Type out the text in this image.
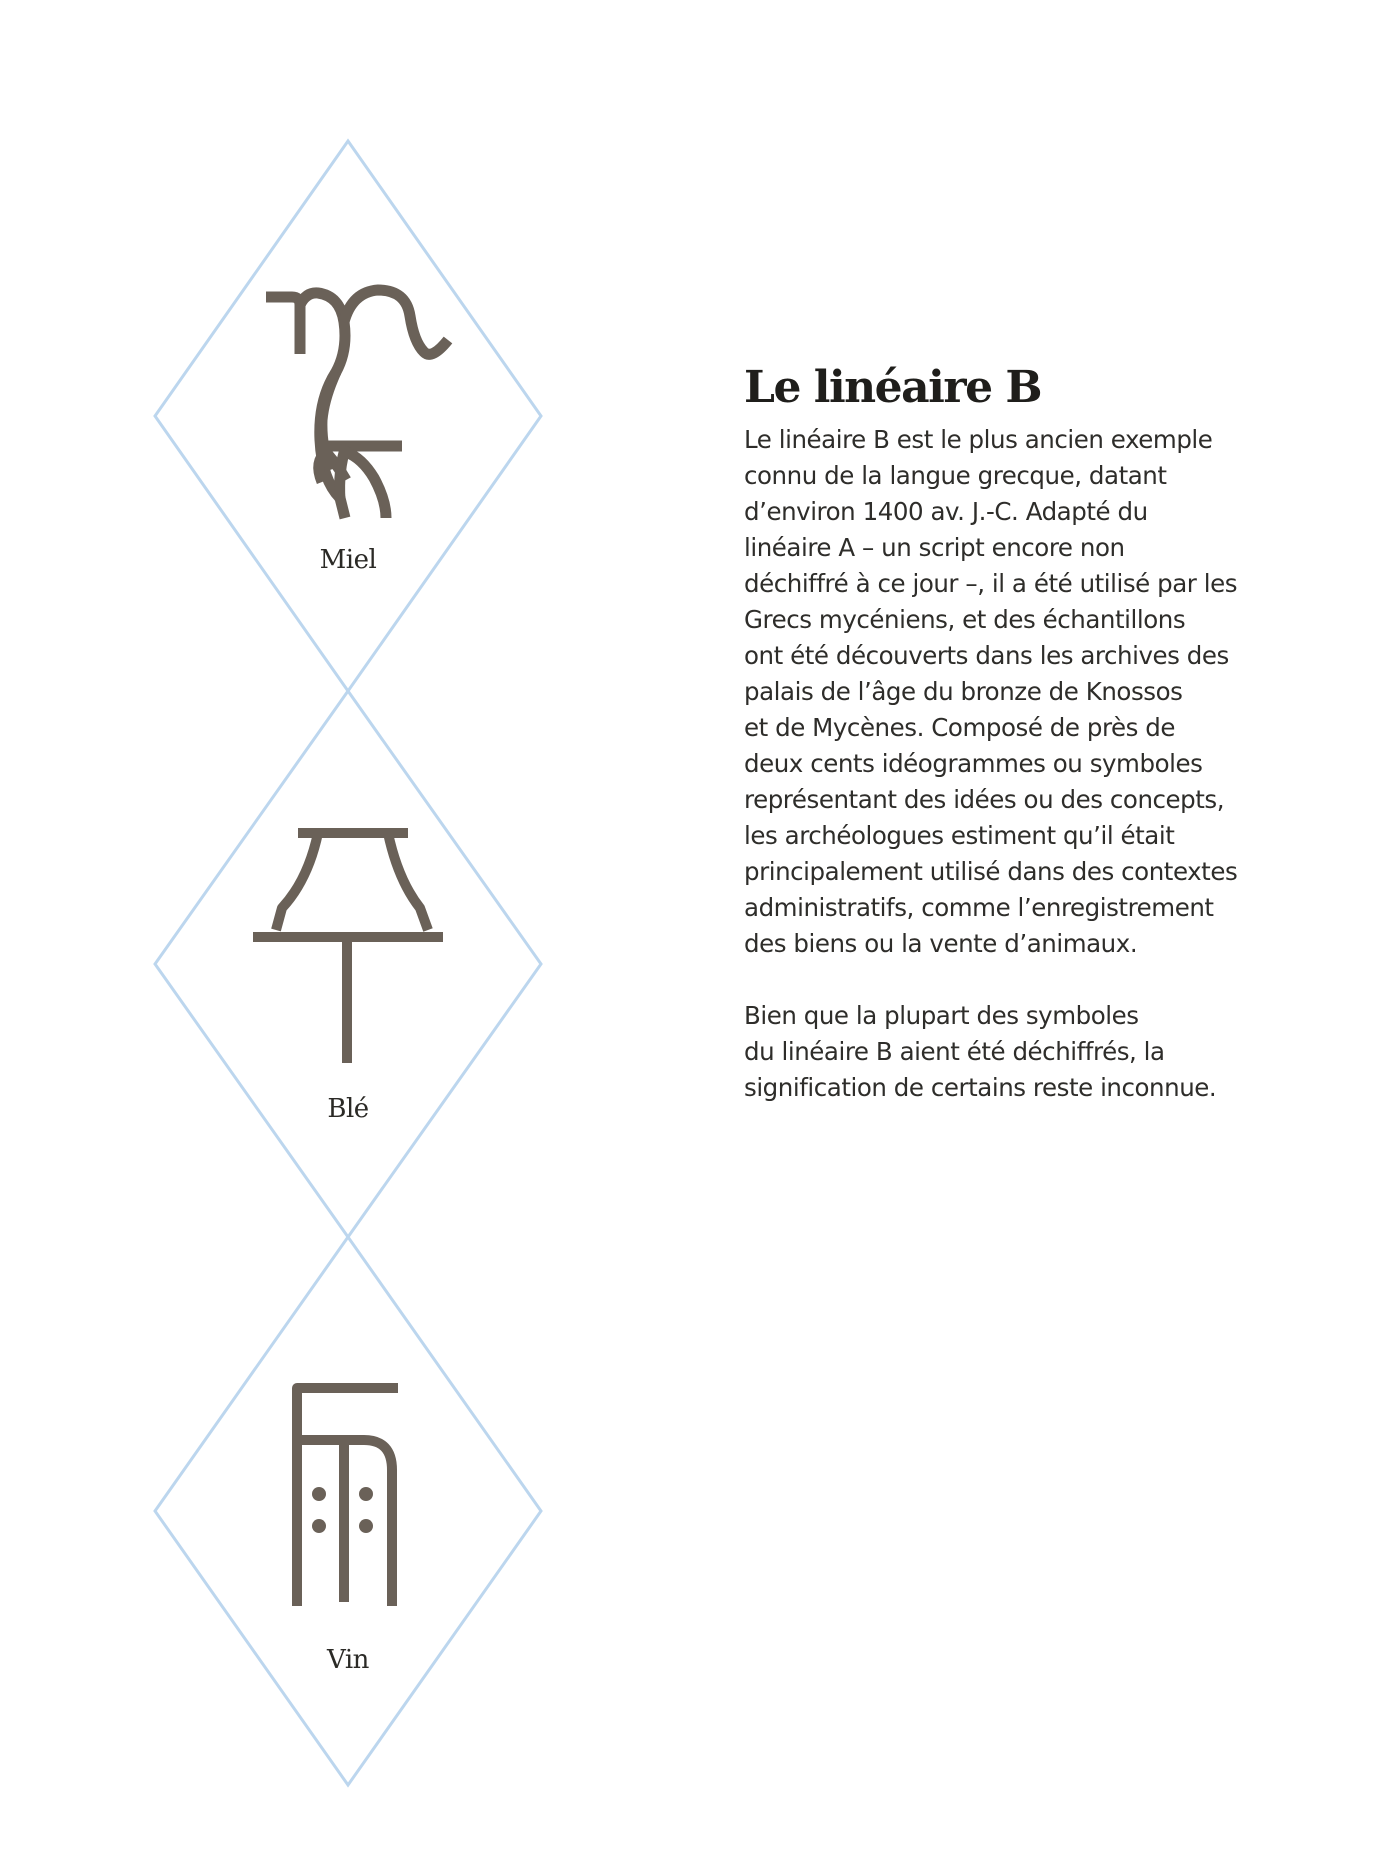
Miel
Blé
Vin
Le linéaire B

Le linéaire B est le plus ancien exemple
connu de la langue grecque, datant
d’environ 1400 av. J.-C. Adapté du
linéaire A – un script encore non
déchiffré à ce jour –, il a été utilisé par les
Grecs mycéniens, et des échantillons
ont été découverts dans les archives des
palais de l’âge du bronze de Knossos
et de Mycènes. Composé de près de
deux cents idéogrammes ou symboles
représentant des idées ou des concepts,
les archéologues estiment qu’il était
principalement utilisé dans des contextes
administratifs, comme l’enregistrement
des biens ou la vente d’animaux.

Bien que la plupart des symboles
du linéaire B aient été déchiffrés, la
signification de certains reste inconnue.
